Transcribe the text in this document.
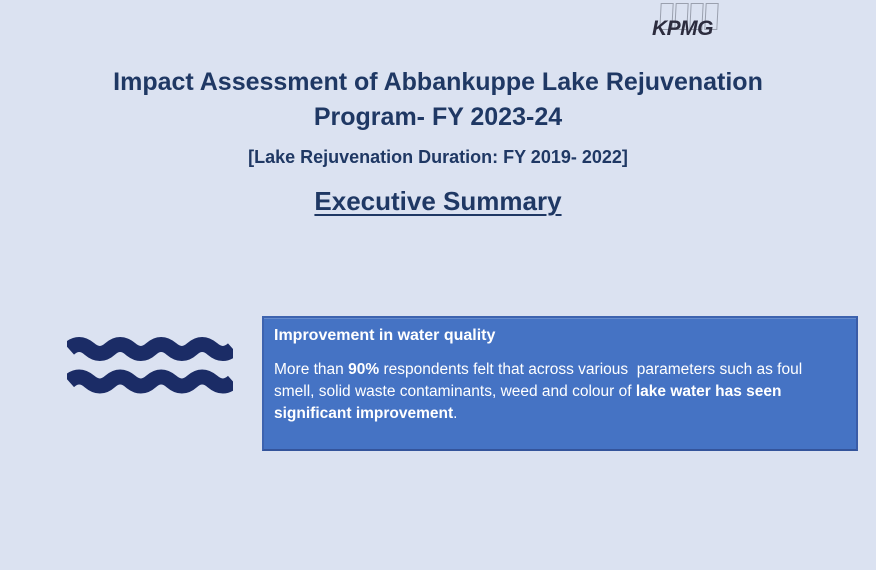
KPMG
Impact Assessment of Abbankuppe Lake Rejuvenation
Program- FY 2023-24
[Lake Rejuvenation Duration: FY 2019- 2022]
Executive Summary

Improvement in water quality

More than 90% respondents felt that across various  parameters such as foul smell, solid waste contaminants, weed and colour of lake water has seen significant improvement.
